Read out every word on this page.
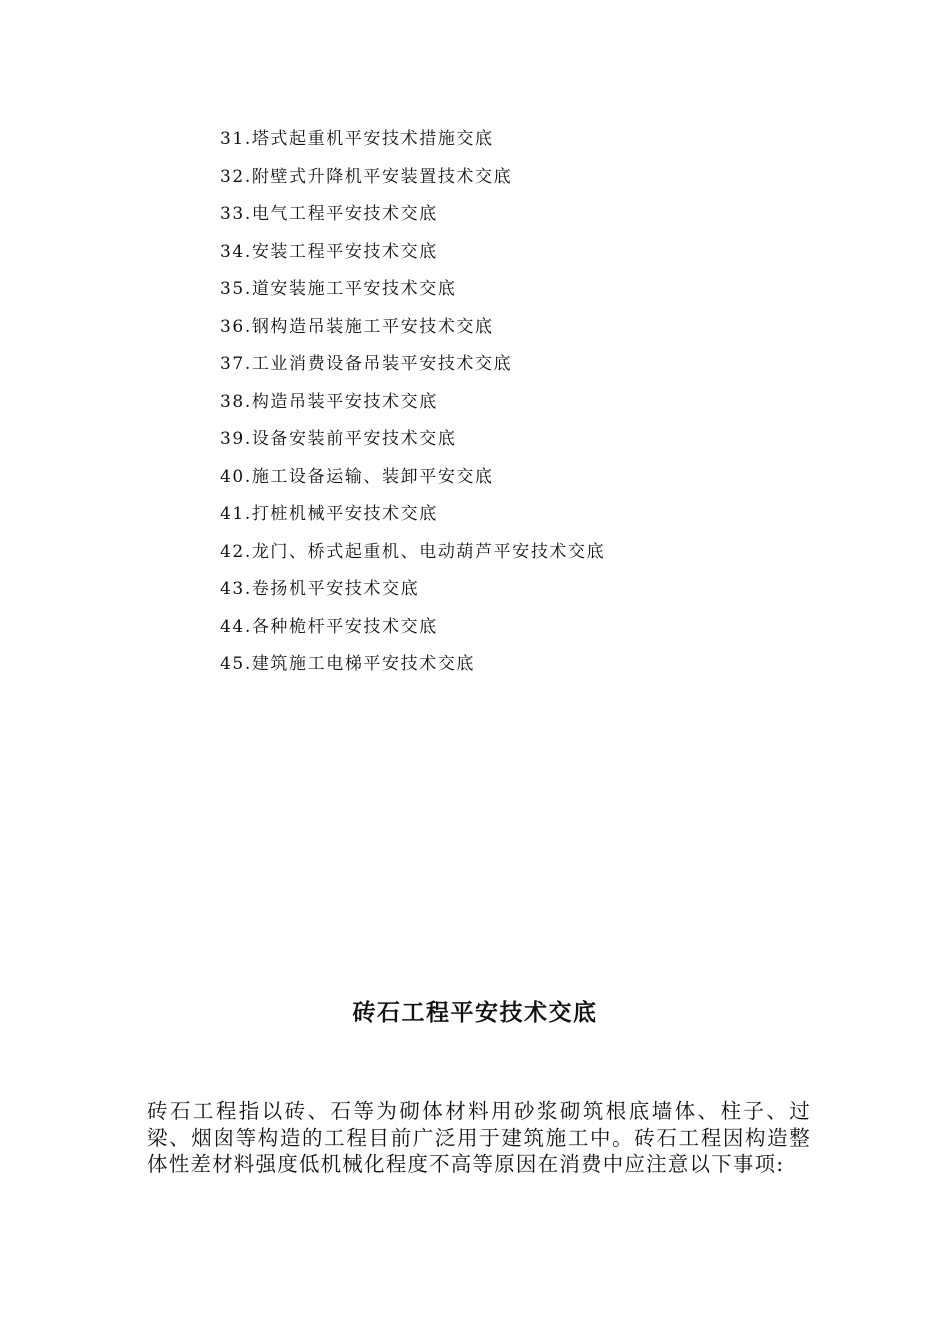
31.塔式起重机平安技术措施交底
32.附壁式升降机平安装置技术交底
33.电气工程平安技术交底
34.安装工程平安技术交底
35.道安装施工平安技术交底
36.钢构造吊装施工平安技术交底
37.工业消费设备吊装平安技术交底
38.构造吊装平安技术交底
39.设备安装前平安技术交底
40.施工设备运输、装卸平安交底
41.打桩机械平安技术交底
42.龙门、桥式起重机、电动葫芦平安技术交底
43.卷扬机平安技术交底
44.各种桅杆平安技术交底
45.建筑施工电梯平安技术交底
砖石工程平安技术交底

砖石工程指以砖、石等为砌体材料用砂浆砌筑根底墙体、柱子、过梁、烟囱等构造的工程目前广泛用于建筑施工中。砖石工程因构造整体性差材料强度低机械化程度不高等原因在消费中应注意以下事项:
